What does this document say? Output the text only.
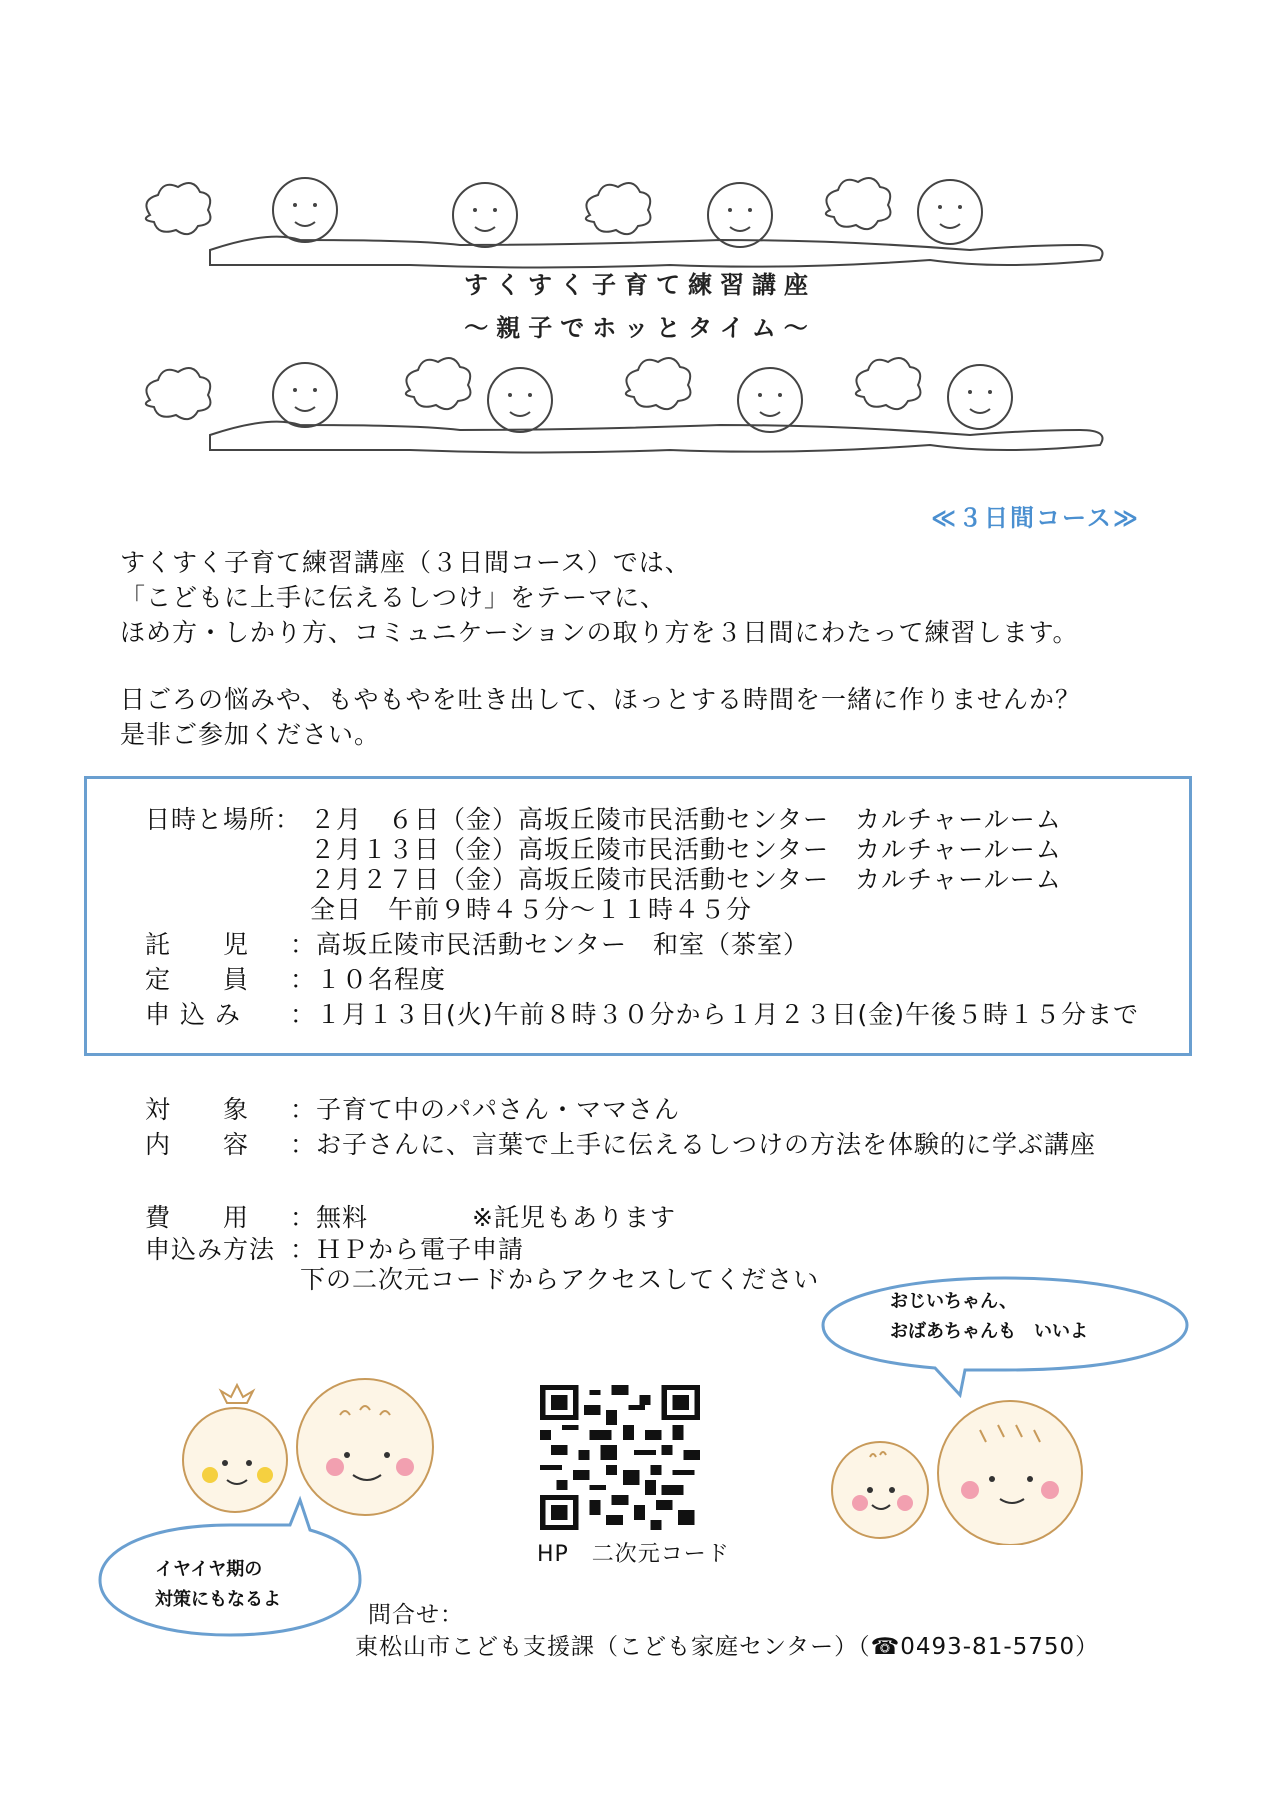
すくすく子育て練習講座
～親子でホッとタイム～
≪３日間コース≫

すくすく子育て練習講座（３日間コース）では、

「こどもに上手に伝えるしつけ」をテーマに、

ほめ方・しかり方、コミュニケーションの取り方を３日間にわたって練習します。

日ごろの悩みや、もやもやを吐き出して、ほっとする時間を一緒に作りませんか？

是非ご参加ください。

日時と場所： ２月　６日（金）高坂丘陵市民活動センター　カルチャールーム
２月１３日（金）高坂丘陵市民活動センター　カルチャールーム
２月２７日（金）高坂丘陵市民活動センター　カルチャールーム
全日　午前９時４５分～１１時４５分
託　　児 ：高坂丘陵市民活動センター　和室（茶室）
定　　員 ：１０名程度
申 込 み ：１月１３日(火)午前８時３０分から１月２３日(金)午後５時１５分まで
対　　象 ：子育て中のパパさん・ママさん
内　　容 ：お子さんに、言葉で上手に伝えるしつけの方法を体験的に学ぶ講座
費　　用 ：無料　　　　※託児もあります
申込み方法 ：ＨＰから電子申請
下の二次元コードからアクセスしてください
おじいちゃん、
おばあちゃんも　いいよ
HP　二次元コード
イヤイヤ期の
対策にもなるよ
問合せ：
東松山市こども支援課（こども家庭センター）（☎0493-81-5750）
